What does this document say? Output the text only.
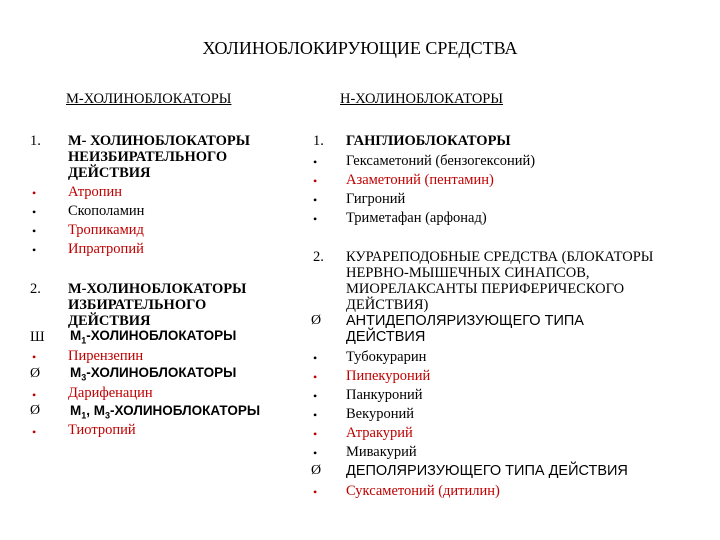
ХОЛИНОБЛОКИРУЮЩИЕ СРЕДСТВА
М-ХОЛИНОБЛОКАТОРЫ
1. М- ХОЛИНОБЛОКАТОРЫ
НЕИЗБИРАТЕЛЬНОГО
ДЕЙСТВИЯ
• Атропин
• Скополамин
• Тропикамид
• Ипратропий
2. М-ХОЛИНОБЛОКАТОРЫ
ИЗБИРАТЕЛЬНОГО
ДЕЙСТВИЯ
Ш $М_1$-ХОЛИНОБЛОКАТОРЫ
• Пирензепин
Ø $М_3$-ХОЛИНОБЛОКАТОРЫ
• Дарифенацин
Ø $М_1$, $М_3$-ХОЛИНОБЛОКАТОРЫ
• Тиотропий
Н-ХОЛИНОБЛОКАТОРЫ
1. ГАНГЛИОБЛОКАТОРЫ
• Гексаметоний (бензогексоний)
• Азаметоний (пентамин)
• Гигроний
• Триметафан (арфонад)
2. КУРАРЕПОДОБНЫЕ СРЕДСТВА (БЛОКАТОРЫ
НЕРВНО-МЫШЕЧНЫХ СИНАПСОВ,
МИОРЕЛАКСАНТЫ ПЕРИФЕРИЧЕСКОГО
ДЕЙСТВИЯ)
Ø АНТИДЕПОЛЯРИЗУЮЩЕГО ТИПА
ДЕЙСТВИЯ
• Тубокурарин
• Пипекуроний
• Панкуроний
• Векуроний
• Атракурий
• Мивакурий
Ø ДЕПОЛЯРИЗУЮЩЕГО ТИПА ДЕЙСТВИЯ
• Суксаметоний (дитилин)
